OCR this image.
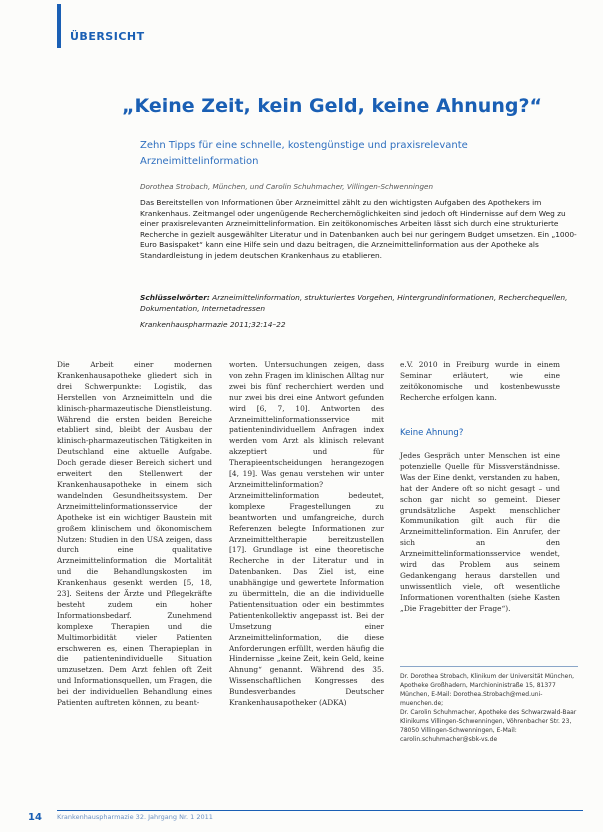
ÜBERSICHT
„Keine Zeit, kein Geld, keine Ahnung?“
Zehn Tipps für eine schnelle, kostengünstige und praxisrelevante Arzneimittelinformation
Dorothea Strobach, München, und Carolin Schuhmacher, Villingen-Schwenningen
Das Bereitstellen von Informationen über Arzneimittel zählt zu den wichtigsten Aufgaben des Apothekers im Krankenhaus. Zeitmangel oder ungenügende Recherchemöglichkeiten sind jedoch oft Hindernisse auf dem Weg zu einer praxisrelevanten Arzneimittelinformation. Ein zeitökonomisches Arbeiten lässt sich durch eine strukturierte Recherche in gezielt ausgewählter Literatur und in Datenbanken auch bei nur geringem Budget umsetzen. Ein „1000-Euro Basispaket“ kann eine Hilfe sein und dazu beitragen, die Arzneimittelinformation aus der Apotheke als Standardleistung in jedem deutschen Krankenhaus zu etablieren.
Schlüsselwörter: Arzneimittelinformation, strukturiertes Vorgehen, Hintergrundinformationen, Recherchequellen, Dokumentation, Internetadressen
Krankenhauspharmazie 2011;32:14–22
Die Arbeit einer modernen Krankenhausapotheke gliedert sich in drei Schwerpunkte: Logistik, das Herstellen von Arzneimitteln und die klinisch-pharmazeutische Dienstleistung. Während die ersten beiden Bereiche etabliert sind, bleibt der Ausbau der klinisch-pharmazeutischen Tätigkeiten in Deutschland eine aktuelle Aufgabe. Doch gerade dieser Bereich sichert und erweitert den Stellenwert der Krankenhausapotheke in einem sich wandelnden Gesundheitssystem. Der Arzneimittelinformationsservice der Apotheke ist ein wichtiger Baustein mit großem klinischem und ökonomischem Nutzen: Studien in den USA zeigen, dass durch eine qualitative Arzneimittelinformation die Mortalität und die Behandlungskosten im Krankenhaus gesenkt werden [5, 18, 23]. Seitens der Ärzte und Pflegekräfte besteht zudem ein hoher Informationsbedarf. Zunehmend komplexe Therapien und die Multimorbidität vieler Patienten erschweren es, einen Therapieplan in die patientenindividuelle Situation umzusetzen. Dem Arzt fehlen oft Zeit und Informationsquellen, um Fragen, die bei der individuellen Behandlung eines Patienten auftreten können, zu beant-
worten. Untersuchungen zeigen, dass von zehn Fragen im klinischen Alltag nur zwei bis fünf recherchiert werden und nur zwei bis drei eine Antwort gefunden wird [6, 7, 10]. Antworten des Arzneimittelinformationsservice mit patientenindividuellem Anfragen index werden vom Arzt als klinisch relevant akzeptiert und für Therapieentscheidungen herangezogen [4, 19]. Was genau verstehen wir unter Arzneimittelinformation? Arzneimittelinformation bedeutet, komplexe Fragestellungen zu beantworten und umfangreiche, durch Referenzen belegte Informationen zur Arzneimitteltherapie bereitzustellen [17]. Grundlage ist eine theoretische Recherche in der Literatur und in Datenbanken. Das Ziel ist, eine unabhängige und gewertete Information zu übermitteln, die an die individuelle Patientensituation oder ein bestimmtes Patientenkollektiv angepasst ist. Bei der Umsetzung einer Arzneimittelinformation, die diese Anforderungen erfüllt, werden häufig die Hindernisse „keine Zeit, kein Geld, keine Ahnung“ genannt. Während des 35. Wissenschaftlichen Kongresses des Bundesverbandes Deutscher Krankenhausapotheker (ADKA)
e.V. 2010 in Freiburg wurde in einem Seminar erläutert, wie eine zeitökonomische und kostenbewusste Recherche erfolgen kann.
Keine Ahnung?
Jedes Gespräch unter Menschen ist eine potenzielle Quelle für Missverständnisse. Was der Eine denkt, verstanden zu haben, hat der Andere oft so nicht gesagt – und schon gar nicht so gemeint. Dieser grundsätzliche Aspekt menschlicher Kommunikation gilt auch für die Arzneimittelinformation. Ein Anrufer, der sich an den Arzneimittelinformationsservice wendet, wird das Problem aus seinem Gedankengang heraus darstellen und unwissentlich viele, oft wesentliche Informationen vorenthalten (siehe Kasten „Die Fragebitter der Frage“).
Dr. Dorothea Strobach, Klinikum der Universität München, Apotheke Großhadern, Marchioninistraße 15, 81377 München, E-Mail: Dorothea.Strobach@med.uni-muenchen.de;
Dr. Carolin Schuhmacher, Apotheke des Schwarzwald-Baar Klinikums Villingen-Schwenningen, Vöhrenbacher Str. 23, 78050 Villingen-Schwenningen, E-Mail: carolin.schuhmacher@sbk-vs.de
14 Krankenhauspharmazie 32. Jahrgang Nr. 1 2011
